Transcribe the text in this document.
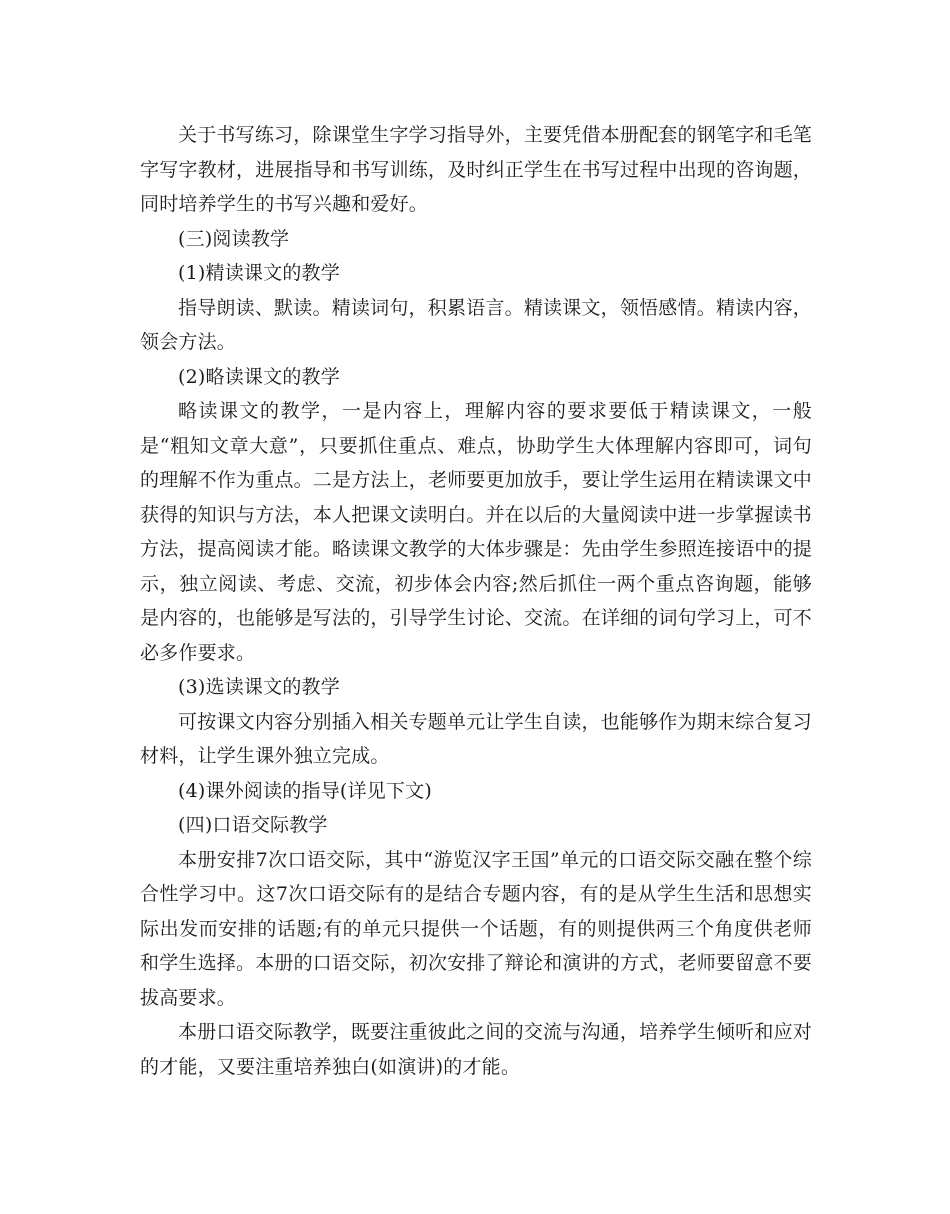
关于书写练习，除课堂生字学习指导外，主要凭借本册配套的钢笔字和毛笔字写字教材，进展指导和书写训练，及时纠正学生在书写过程中出现的咨询题，同时培养学生的书写兴趣和爱好。

(三)阅读教学

(1)精读课文的教学

指导朗读、默读。精读词句，积累语言。精读课文，领悟感情。精读内容，领会方法。

(2)略读课文的教学

略读课文的教学，一是内容上，理解内容的要求要低于精读课文，一般是“粗知文章大意”，只要抓住重点、难点，协助学生大体理解内容即可，词句的理解不作为重点。二是方法上，老师要更加放手，要让学生运用在精读课文中获得的知识与方法，本人把课文读明白。并在以后的大量阅读中进一步掌握读书方法，提高阅读才能。略读课文教学的大体步骤是：先由学生参照连接语中的提示，独立阅读、考虑、交流，初步体会内容;然后抓住一两个重点咨询题，能够是内容的，也能够是写法的，引导学生讨论、交流。在详细的词句学习上，可不必多作要求。

(3)选读课文的教学

可按课文内容分别插入相关专题单元让学生自读，也能够作为期末综合复习材料，让学生课外独立完成。

(4)课外阅读的指导(详见下文)

(四)口语交际教学

本册安排7次口语交际，其中“游览汉字王国”单元的口语交际交融在整个综合性学习中。这7次口语交际有的是结合专题内容，有的是从学生生活和思想实际出发而安排的话题;有的单元只提供一个话题，有的则提供两三个角度供老师和学生选择。本册的口语交际，初次安排了辩论和演讲的方式，老师要留意不要拔高要求。

本册口语交际教学，既要注重彼此之间的交流与沟通，培养学生倾听和应对的才能，又要注重培养独白(如演讲)的才能。
